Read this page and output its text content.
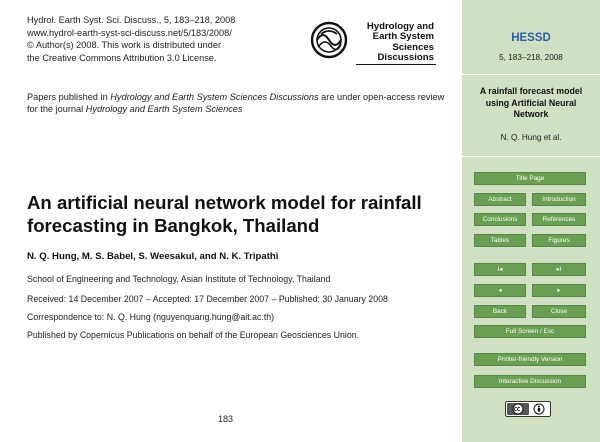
Hydrol. Earth Syst. Sci. Discuss., 5, 183–218, 2008
www.hydrol-earth-syst-sci-discuss.net/5/183/2008/
© Author(s) 2008. This work is distributed under
the Creative Commons Attribution 3.0 License.
Hydrology and
Earth System
Sciences
Discussions
Papers published in Hydrology and Earth System Sciences Discussions are under open-access review for the journal Hydrology and Earth System Sciences
An artificial neural network model for rainfall forecasting in Bangkok, Thailand
N. Q. Hung, M. S. Babel, S. Weesakul, and N. K. Tripathi
School of Engineering and Technology, Asian Institute of Technology, Thailand
Received: 14 December 2007 – Accepted: 17 December 2007 – Published: 30 January 2008
Correspondence to: N. Q. Hung (nguyenquang.hung@ait.ac.th)
Published by Copernicus Publications on behalf of the European Geosciences Union.
183
HESSD
5, 183–218, 2008
A rainfall forecast model using Artificial Neural Network
N. Q. Hung et al.
Title Page
Abstract	Introduction
Conclusions	References
Tables	Figures
I◂	▸I
◂	▸
Back	Close
Full Screen / Esc
Printer-friendly Version
Interactive Discussion
